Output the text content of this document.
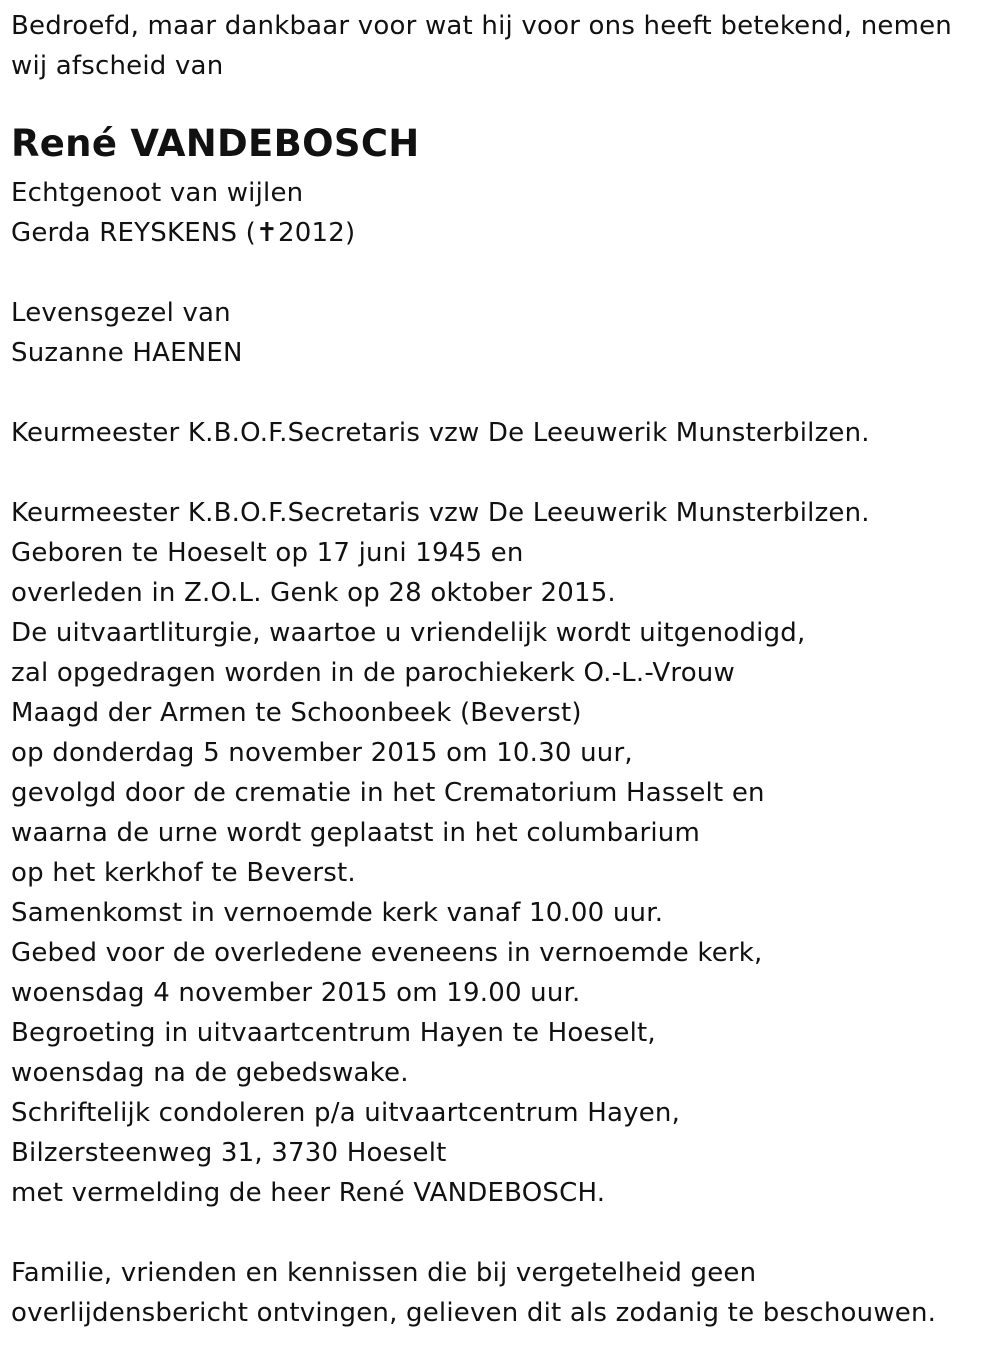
Bedroefd, maar dankbaar voor wat hij voor ons heeft betekend, nemen
wij afscheid van
René VANDEBOSCH
Echtgenoot van wijlen
Gerda REYSKENS (✝2012)
Levensgezel van
Suzanne HAENEN
Keurmeester K.B.O.F.Secretaris vzw De Leeuwerik Munsterbilzen.
Keurmeester K.B.O.F.Secretaris vzw De Leeuwerik Munsterbilzen.
Geboren te Hoeselt op 17 juni 1945 en
overleden in Z.O.L. Genk op 28 oktober 2015.
De uitvaartliturgie, waartoe u vriendelijk wordt uitgenodigd,
zal opgedragen worden in de parochiekerk O.-L.-Vrouw
Maagd der Armen te Schoonbeek (Beverst)
op donderdag 5 november 2015 om 10.30 uur,
gevolgd door de crematie in het Crematorium Hasselt en
waarna de urne wordt geplaatst in het columbarium
op het kerkhof te Beverst.
Samenkomst in vernoemde kerk vanaf 10.00 uur.
Gebed voor de overledene eveneens in vernoemde kerk,
woensdag 4 november 2015 om 19.00 uur.
Begroeting in uitvaartcentrum Hayen te Hoeselt,
woensdag na de gebedswake.
Schriftelijk condoleren p/a uitvaartcentrum Hayen,
Bilzersteenweg 31, 3730 Hoeselt
met vermelding de heer René VANDEBOSCH.
Familie, vrienden en kennissen die bij vergetelheid geen
overlijdensbericht ontvingen, gelieven dit als zodanig te beschouwen.
